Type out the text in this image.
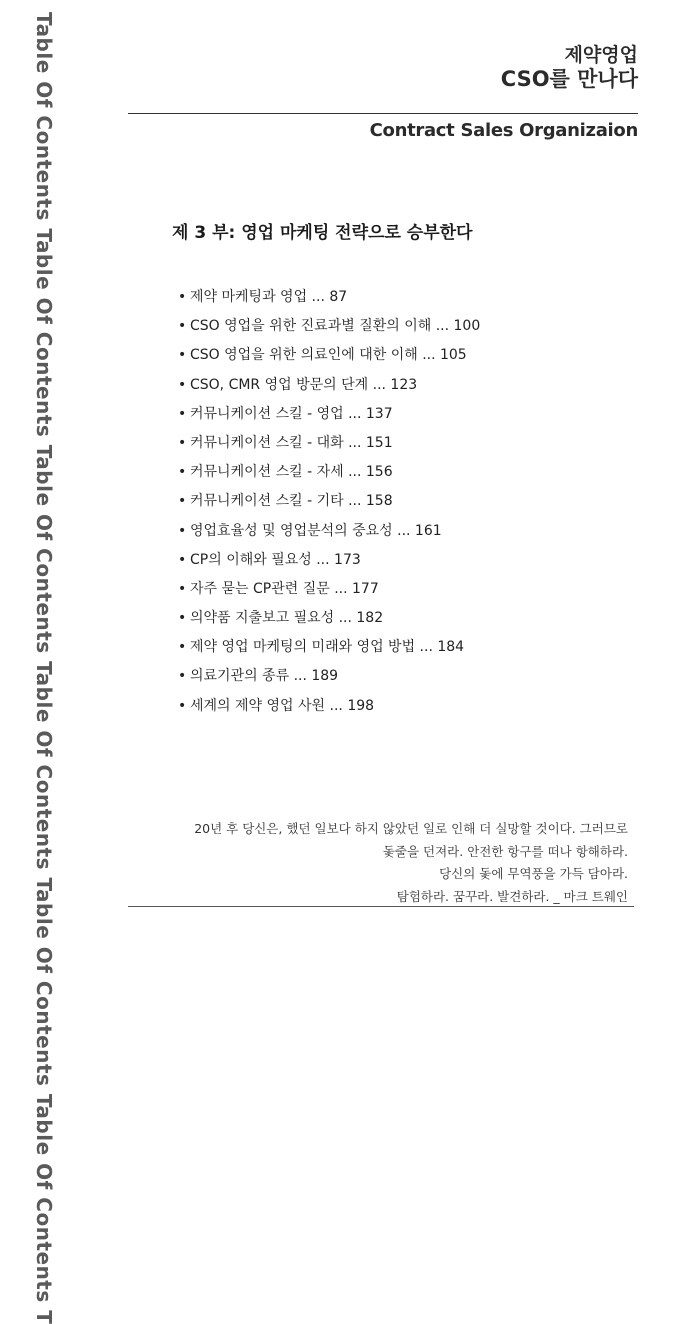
Table Of Contents Table Of Contents Table Of Contents Table Of Contents Table Of Contents Table Of Contents T	제약영업
CSO를 만나다
Contract Sales Organizaion
제 3 부: 영업 마케팅 전략으로 승부한다
• 제약 마케팅과 영업 ... 87
• CSO 영업을 위한 진료과별 질환의 이해 ... 100
• CSO 영업을 위한 의료인에 대한 이해 ... 105
• CSO, CMR 영업 방문의 단계 ... 123
• 커뮤니케이션 스킬 - 영업 ... 137
• 커뮤니케이션 스킬 - 대화 ... 151
• 커뮤니케이션 스킬 - 자세 ... 156
• 커뮤니케이션 스킬 - 기타 ... 158
• 영업효율성 및 영업분석의 중요성 ... 161
• CP의 이해와 필요성 ... 173
• 자주 묻는 CP관련 질문 ... 177
• 의약품 지출보고 필요성 ... 182
• 제약 영업 마케팅의 미래와 영업 방법 ... 184
• 의료기관의 종류 ... 189
• 세계의 제약 영업 사원 ... 198
20년 후 당신은, 했던 일보다 하지 않았던 일로 인해 더 실망할 것이다. 그러므로
돛줄을 던져라. 안전한 항구를 떠나 항해하라.
당신의 돛에 무역풍을 가득 담아라.
탐험하라. 꿈꾸라. 발견하라. _ 마크 트웨인
